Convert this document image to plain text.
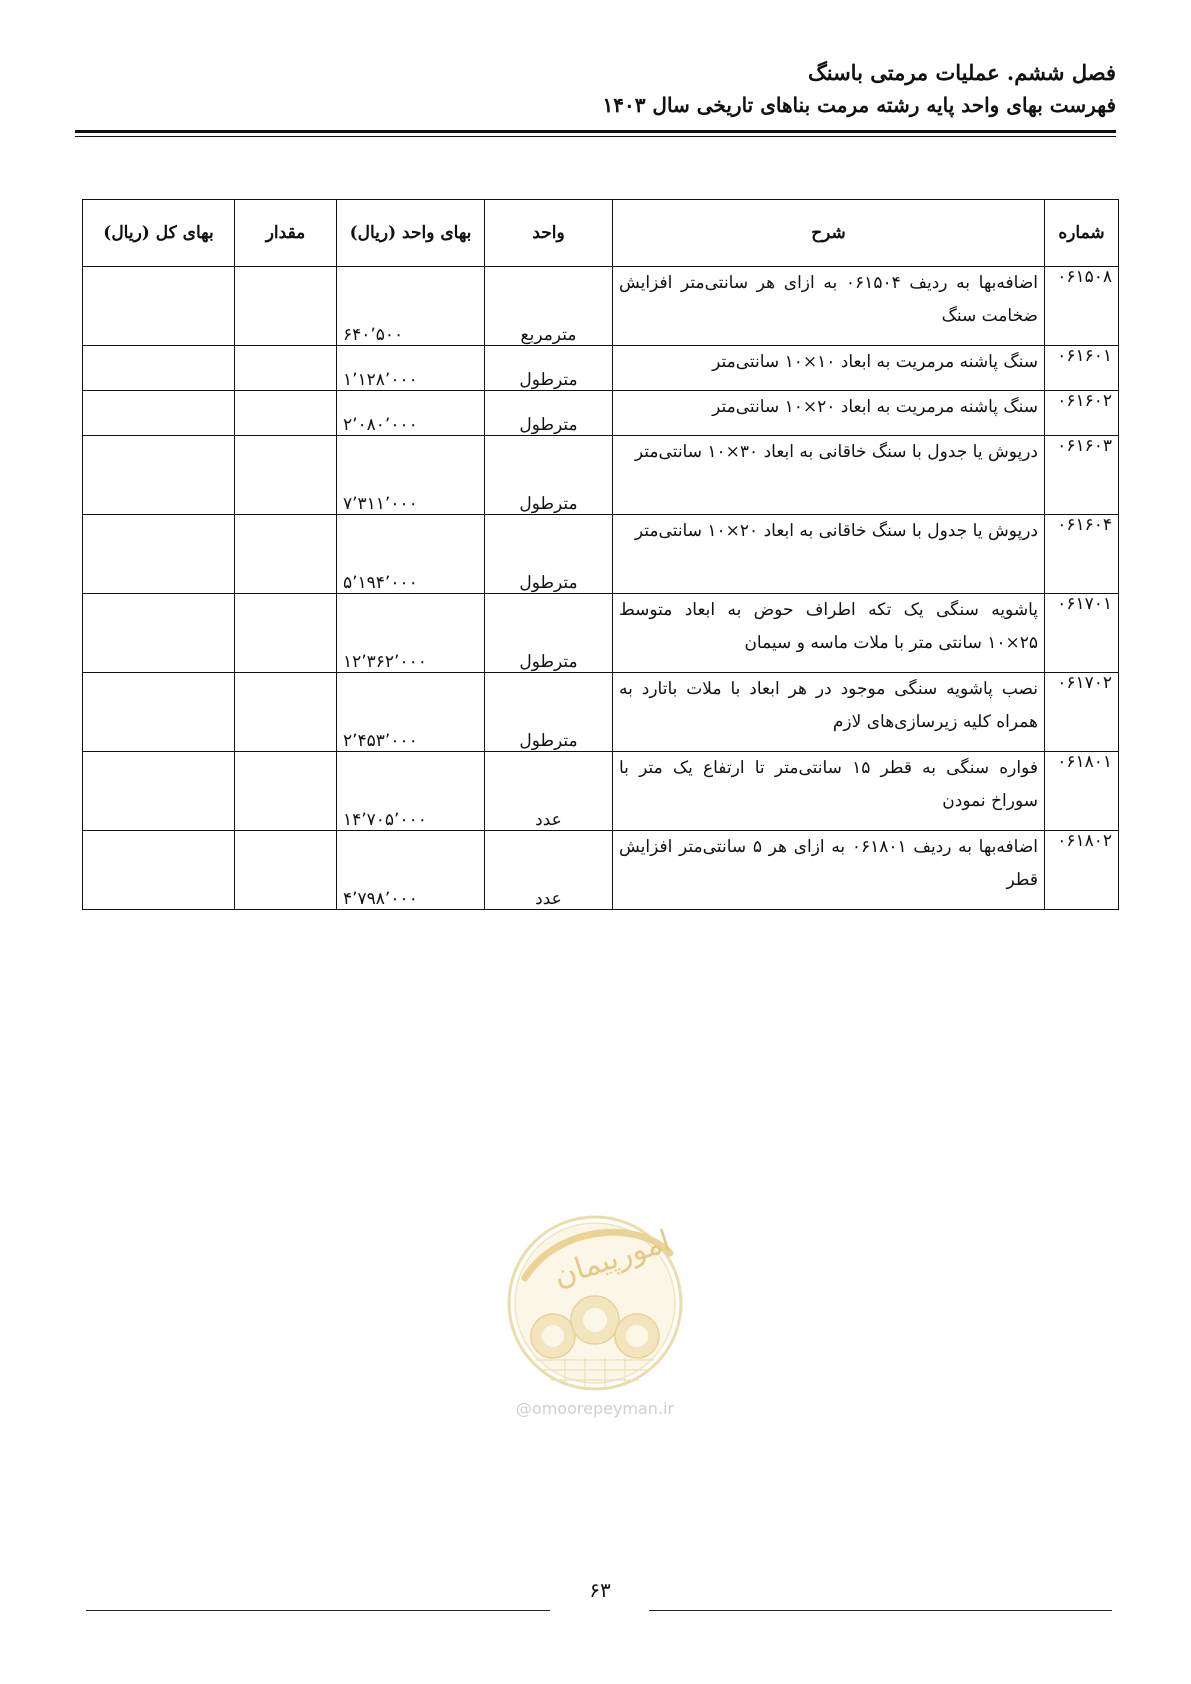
فصل ششم. عملیات مرمتی باسنگ
فهرست بهای واحد پایه رشته مرمت بناهای تاریخی سال ۱۴۰۳
شماره	شرح	واحد	بهای واحد (ریال)	مقدار	بهای کل (ریال)
۰۶۱۵۰۸	اضافه‌بها به ردیف ۰۶۱۵۰۴ به ازای هر سانتی‌متر افزایش ضخامت سنگ	مترمربع	۶۴۰٬۵۰۰		
۰۶۱۶۰۱	سنگ پاشنه مرمریت به ابعاد ۱۰×۱۰ سانتی‌متر	مترطول	۱٬۱۲۸٬۰۰۰		
۰۶۱۶۰۲	سنگ پاشنه مرمریت به ابعاد ۲۰×۱۰ سانتی‌متر	مترطول	۲٬۰۸۰٬۰۰۰		
۰۶۱۶۰۳	درپوش یا جدول با سنگ خاقانی به ابعاد ۳۰×۱۰ سانتی‌متر	مترطول	۷٬۳۱۱٬۰۰۰		
۰۶۱۶۰۴	درپوش یا جدول با سنگ خاقانی به ابعاد ۲۰×۱۰ سانتی‌متر	مترطول	۵٬۱۹۴٬۰۰۰		
۰۶۱۷۰۱	پاشویه سنگی یک تکه اطراف حوض به ابعاد متوسط ۲۵×۱۰ سانتی متر با ملات ماسه و سیمان	مترطول	۱۲٬۳۶۲٬۰۰۰		
۰۶۱۷۰۲	نصب پاشویه سنگی موجود در هر ابعاد با ملات باتارد به همراه کلیه زیرسازی‌های لازم	مترطول	۲٬۴۵۳٬۰۰۰		
۰۶۱۸۰۱	فواره سنگی به قطر ۱۵ سانتی‌متر تا ارتفاع یک متر با سوراخ نمودن	عدد	۱۴٬۷۰۵٬۰۰۰		
۰۶۱۸۰۲	اضافه‌بها به ردیف ۰۶۱۸۰۱ به ازای هر ۵ سانتی‌متر افزایش قطر	عدد	۴٬۷۹۸٬۰۰۰		
امورپیمان
@omoorepeyman.ir
۶۳
